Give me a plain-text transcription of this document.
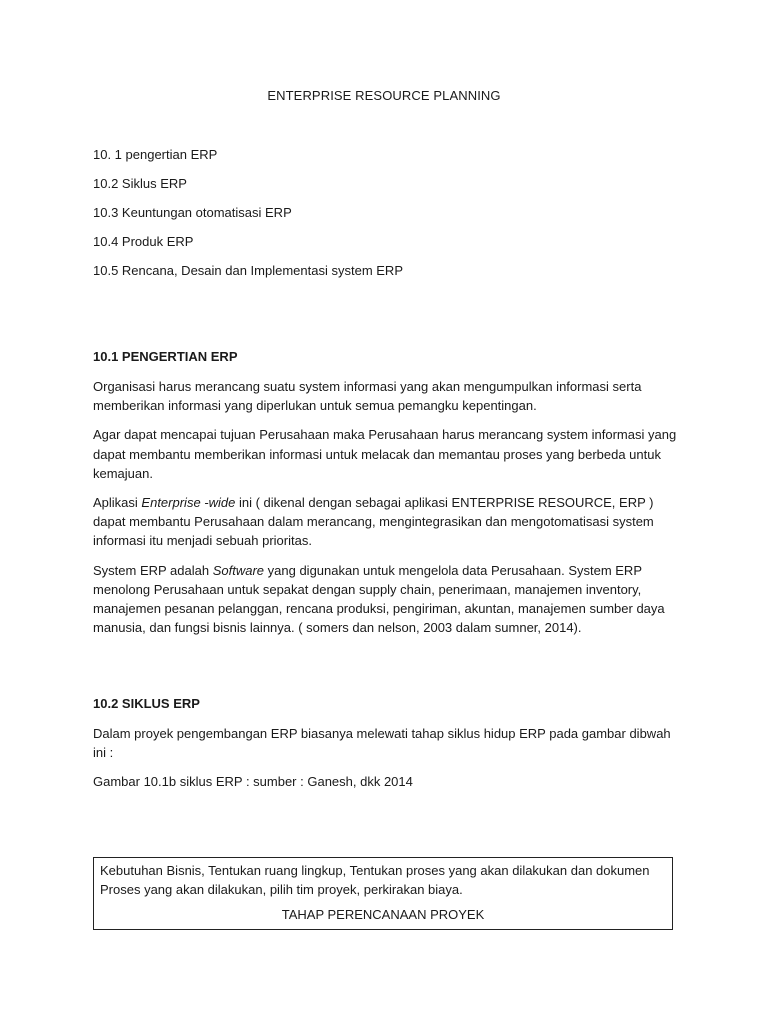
ENTERPRISE RESOURCE PLANNING
10. 1 pengertian ERP
10.2 Siklus ERP
10.3 Keuntungan otomatisasi ERP
10.4 Produk ERP
10.5 Rencana, Desain dan Implementasi system ERP
10.1 PENGERTIAN ERP

Organisasi harus merancang suatu system informasi yang akan mengumpulkan informasi serta memberikan informasi yang diperlukan untuk semua pemangku kepentingan.

Agar dapat mencapai tujuan Perusahaan maka Perusahaan harus merancang system informasi yang dapat membantu memberikan informasi untuk melacak dan memantau proses yang berbeda untuk kemajuan.

Aplikasi Enterprise -wide ini ( dikenal dengan sebagai aplikasi ENTERPRISE RESOURCE, ERP ) dapat membantu Perusahaan dalam merancang, mengintegrasikan dan mengotomatisasi system informasi itu menjadi sebuah prioritas.

System ERP adalah Software yang digunakan untuk mengelola data Perusahaan. System ERP menolong Perusahaan untuk sepakat dengan supply chain, penerimaan, manajemen inventory, manajemen pesanan pelanggan, rencana produksi, pengiriman, akuntan, manajemen sumber daya manusia, dan fungsi bisnis lainnya. ( somers dan nelson, 2003 dalam sumner, 2014).

10.2 SIKLUS ERP

Dalam proyek pengembangan ERP biasanya melewati tahap siklus hidup ERP pada gambar dibwah ini :

Gambar 10.1b siklus ERP : sumber : Ganesh, dkk 2014

Kebutuhan Bisnis, Tentukan ruang lingkup, Tentukan proses yang akan dilakukan dan dokumen Proses yang akan dilakukan, pilih tim proyek, perkirakan biaya.

TAHAP PERENCANAAN PROYEK
